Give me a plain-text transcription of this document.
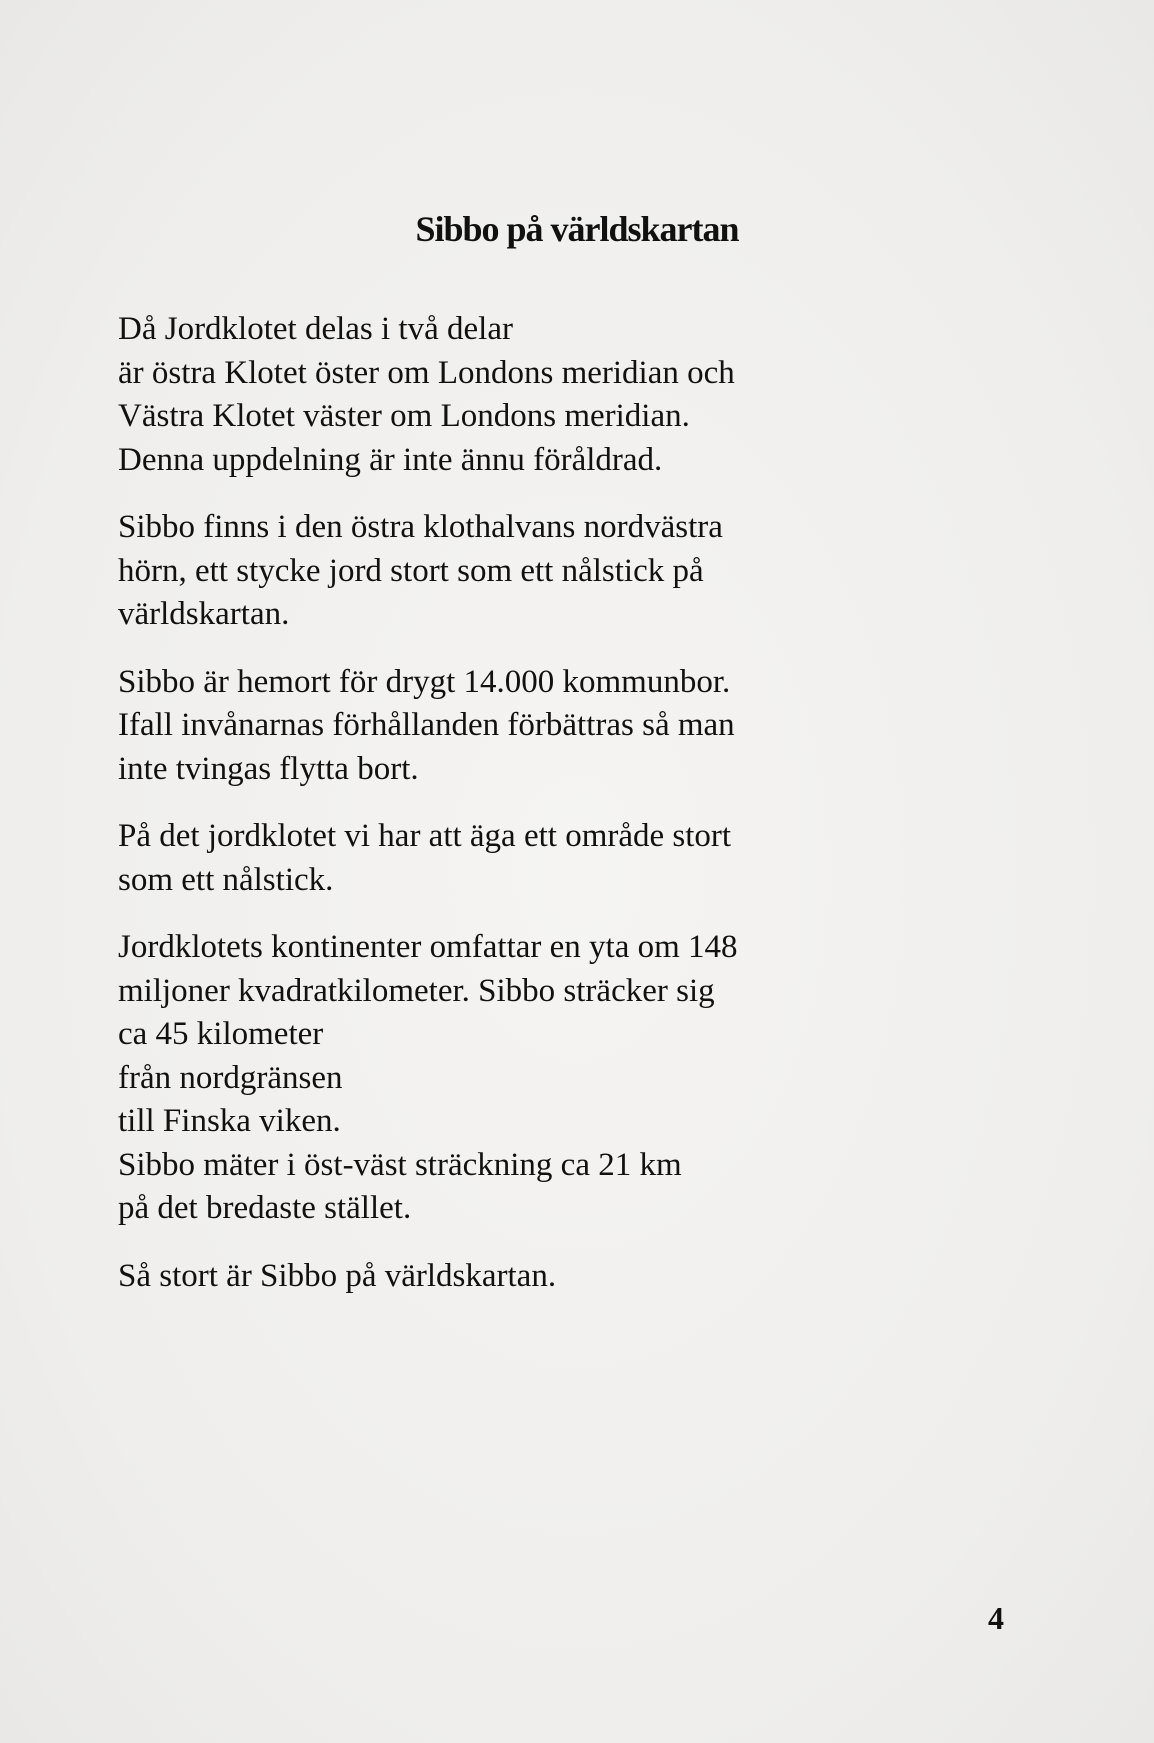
Sibbo på världskartan
Då Jordklotet delas i två delar
är östra Klotet öster om Londons meridian och
Västra Klotet väster om Londons meridian.
Denna uppdelning är inte ännu föråldrad.
Sibbo finns i den östra klothalvans nordvästra
hörn, ett stycke jord stort som ett nålstick på
världskartan.
Sibbo är hemort för drygt 14.000 kommunbor.
Ifall invånarnas förhållanden förbättras så man
inte tvingas flytta bort.
På det jordklotet vi har att äga ett område stort
som ett nålstick.
Jordklotets kontinenter omfattar en yta om 148
miljoner kvadratkilometer. Sibbo sträcker sig
ca 45 kilometer
från nordgränsen
till Finska viken.
Sibbo mäter i öst-väst sträckning ca 21 km
på det bredaste stället.
Så stort är Sibbo på världskartan.
4
